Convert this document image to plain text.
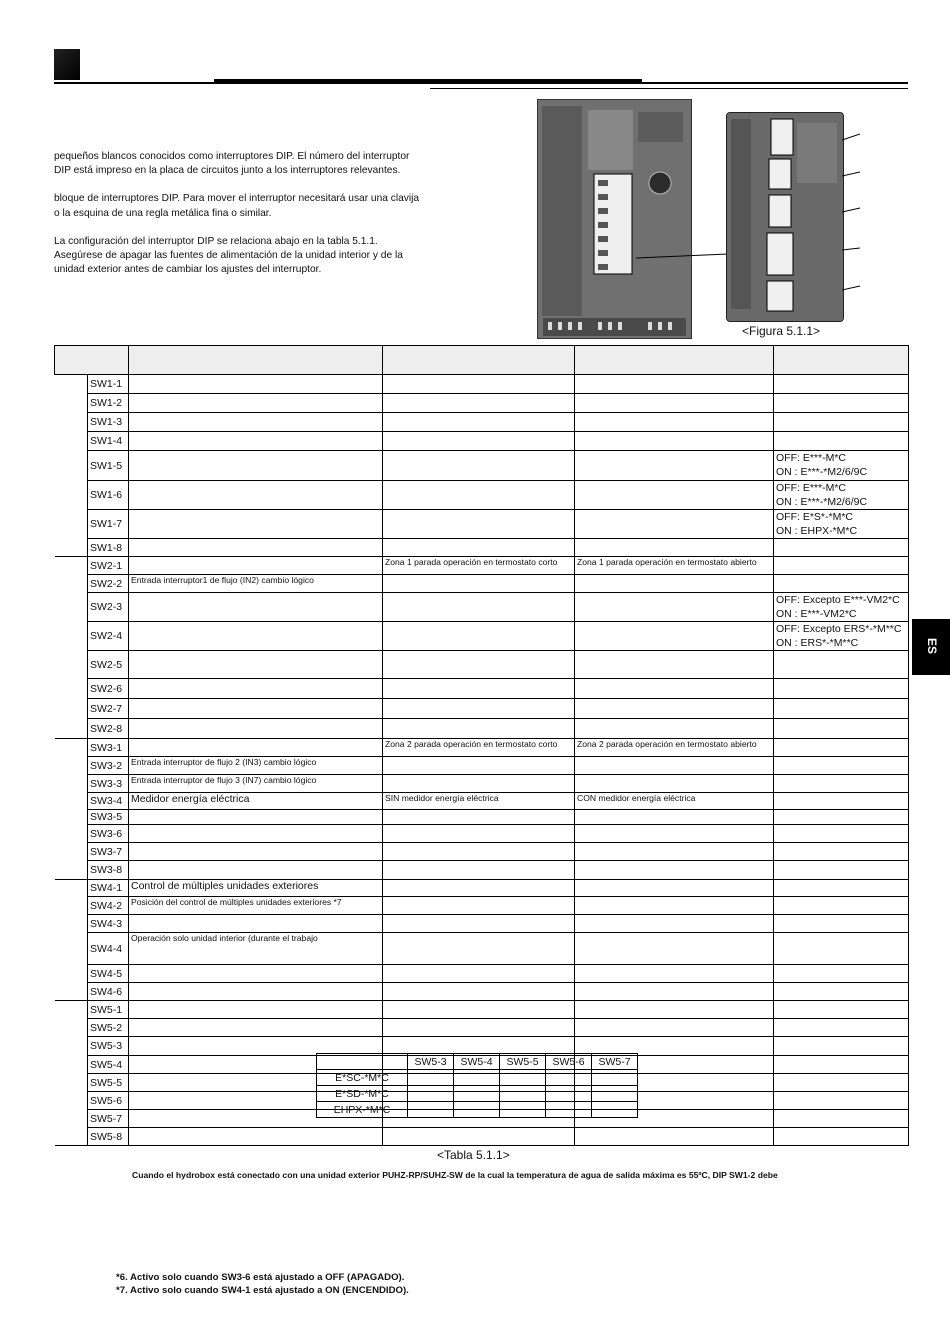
pequeños blancos conocidos como interruptores DIP. El número del interruptor
DIP está impreso en la placa de circuitos junto a los interruptores relevantes.

bloque de interruptores DIP. Para mover el interruptor necesitará usar una clavija
o la esquina de una regla metálica fina o similar.

La configuración del interruptor DIP se relaciona abajo en la tabla 5.1.1.
Asegúrese de apagar las fuentes de alimentación de la unidad interior y de la
unidad exterior antes de cambiar los ajustes del interruptor.

<Figura 5.1.1>

	SW1-1				
	SW1-2				
	SW1-3				
	SW1-4				
	SW1-5				OFF: E***-M*C
ON : E***-*M2/6/9C
	SW1-6				OFF: E***-M*C
ON : E***-*M2/6/9C
	SW1-7				OFF: E*S*-*M*C
ON : EHPX-*M*C
	SW1-8				
	SW2-1		Zona 1 parada operación en termostato corto	Zona 1 parada operación en termostato abierto	
	SW2-2	Entrada interruptor1 de flujo (IN2) cambio lógico			
	SW2-3				OFF: Excepto E***-VM2*C
ON : E***-VM2*C
	SW2-4				OFF: Excepto ERS*-*M**C
ON : ERS*-*M**C
	SW2-5				
	SW2-6				
	SW2-7				
	SW2-8				
	SW3-1		Zona 2 parada operación en termostato corto	Zona 2 parada operación en termostato abierto	
	SW3-2	Entrada interruptor de flujo 2 (IN3) cambio lógico			
	SW3-3	Entrada interruptor de flujo 3 (IN7) cambio lógico			
	SW3-4	Medidor energía eléctrica	SIN medidor energía eléctrica	CON medidor energía eléctrica	
	SW3-5				
	SW3-6				
	SW3-7				
	SW3-8				
	SW4-1	Control de múltiples unidades exteriores			
	SW4-2	Posición del control de múltiples unidades exteriores *7			
	SW4-3				
	SW4-4	Operación solo unidad interior (durante el trabajo			
	SW4-5				
	SW4-6				
	SW5-1				
	SW5-2				
	SW5-3				
	SW5-4				
	SW5-5				
	SW5-6				
	SW5-7				
	SW5-8				
	SW5-3	SW5-4	SW5-5	SW5-6	SW5-7
E*SC-*M*C					
E*SD-*M*C					
EHPX-*M*C					
<Tabla 5.1.1>
Cuando el hydrobox está conectado con una unidad exterior PUHZ-RP/SUHZ-SW de la cual la temperatura de agua de salida máxima es 55ºC, DIP SW1-2 debe
*6. Activo solo cuando SW3-6 está ajustado a OFF (APAGADO).
*7. Activo solo cuando SW4-1 está ajustado a ON (ENCENDIDO).
ES
